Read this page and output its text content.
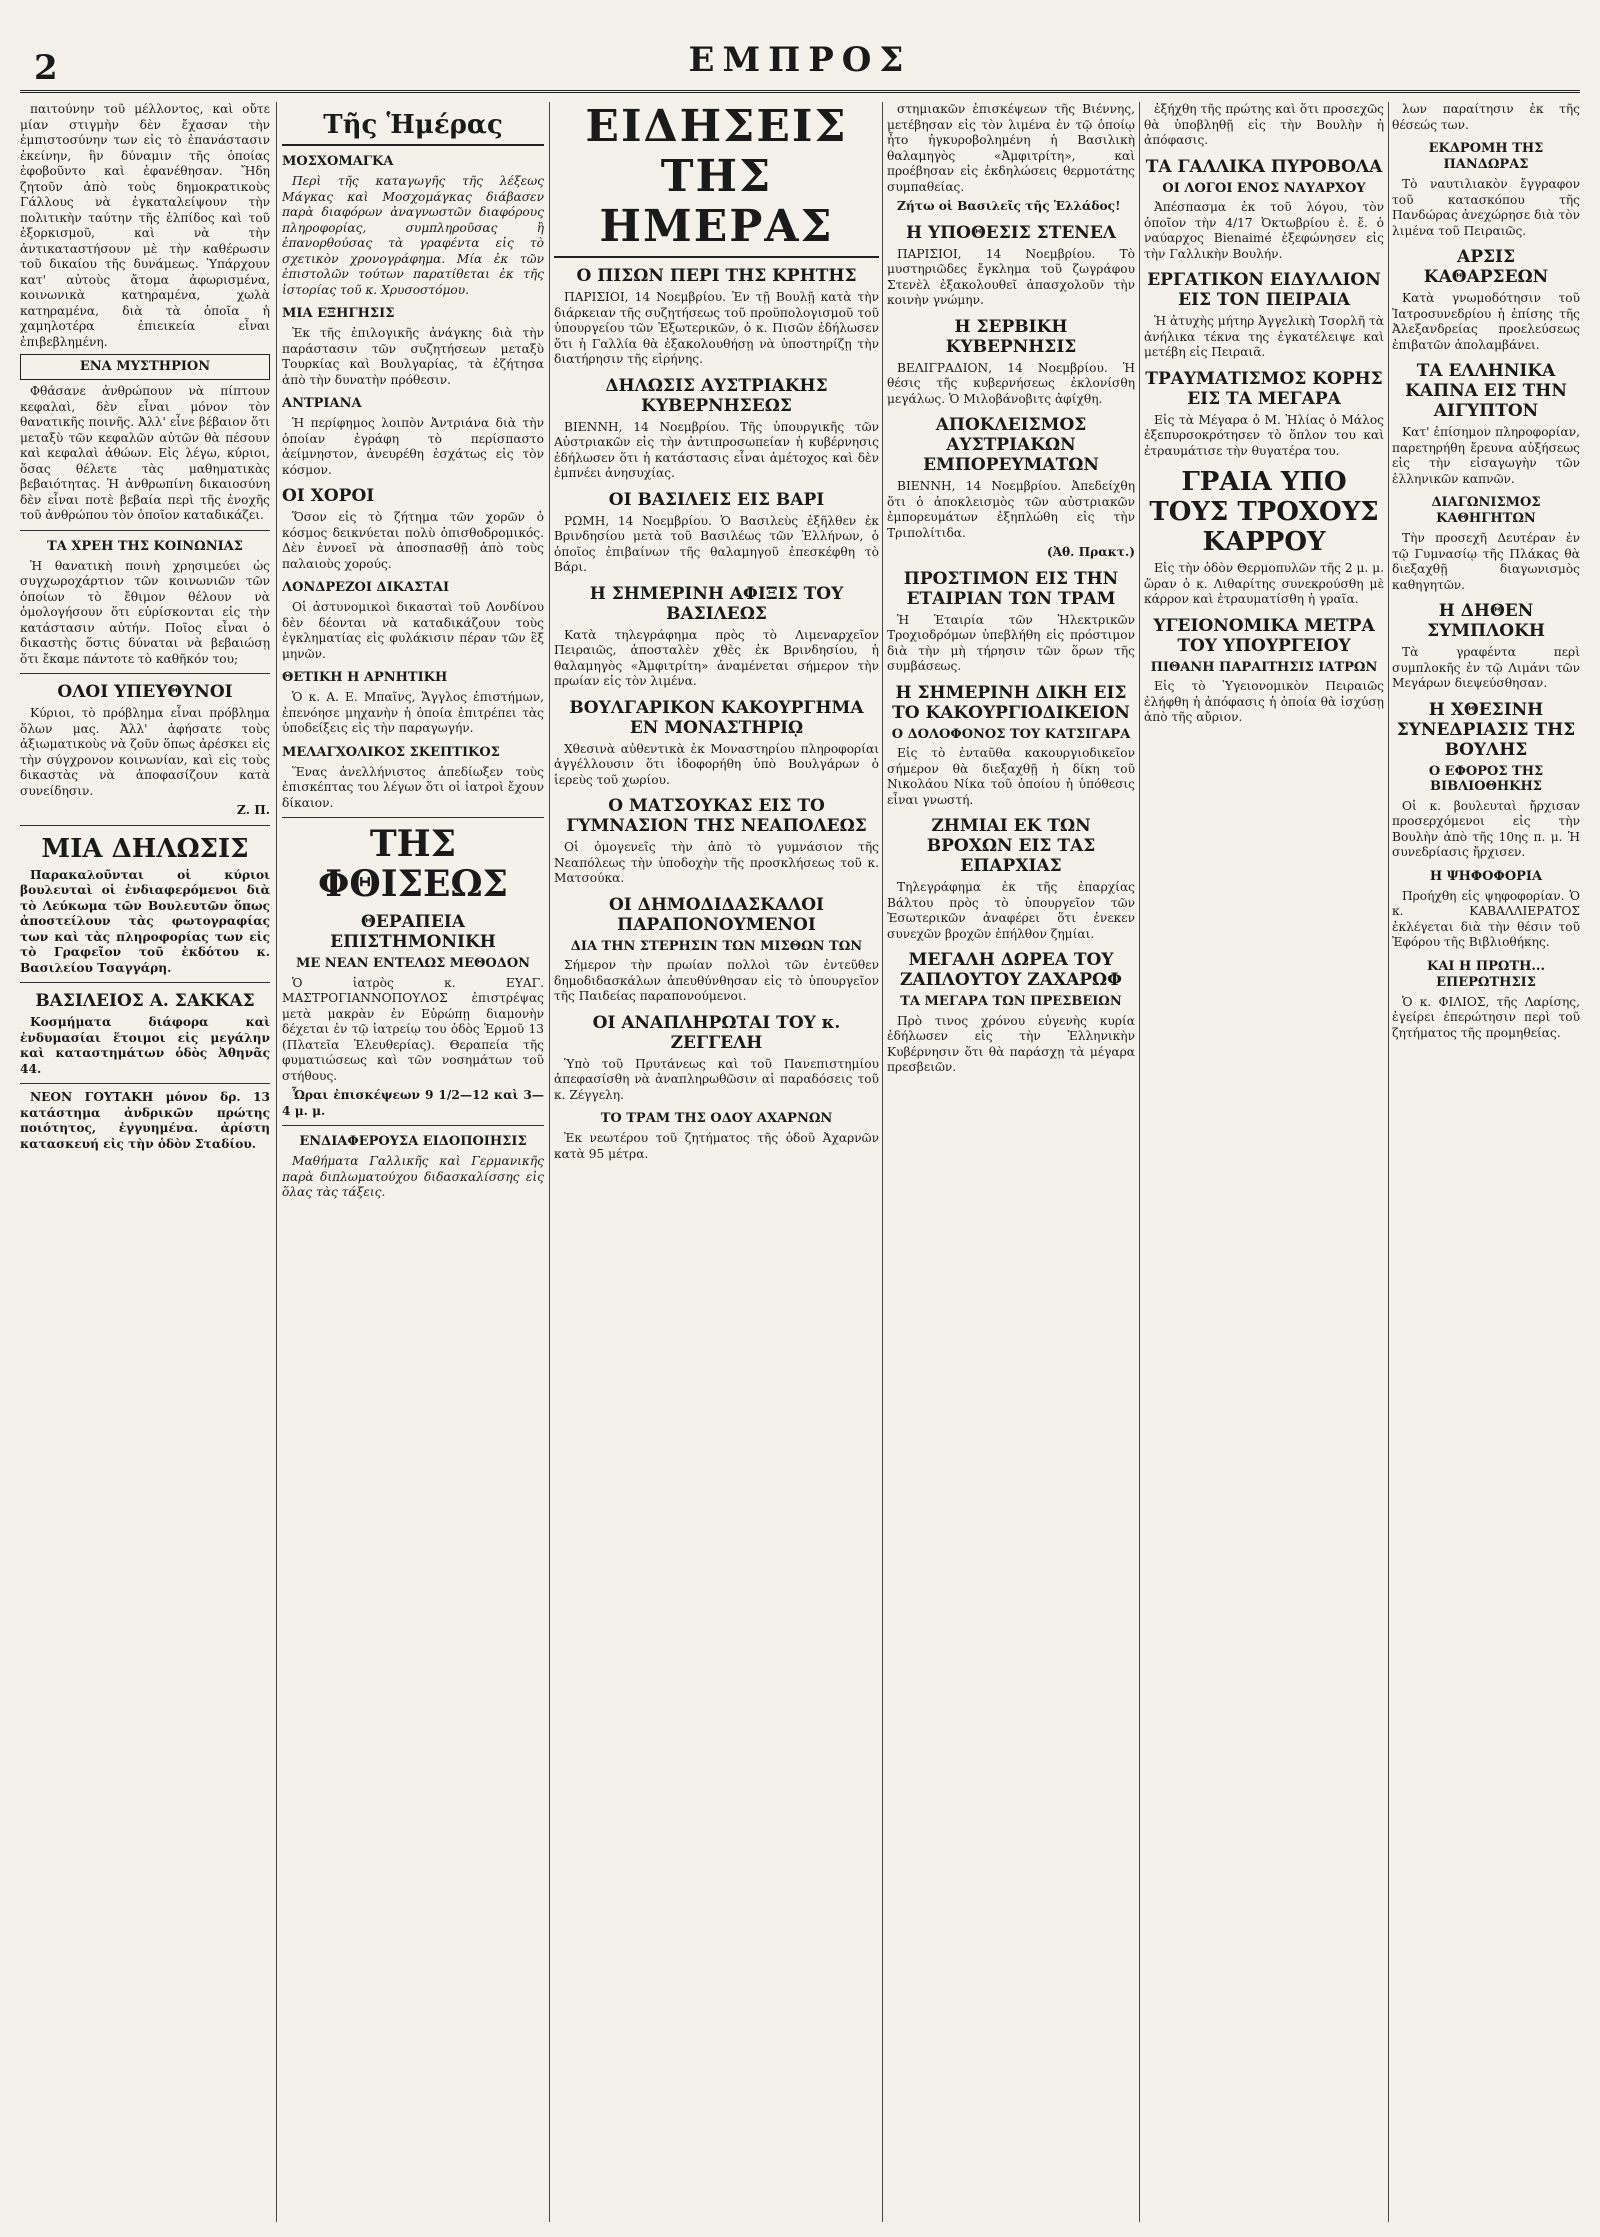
2	ΕΜΠΡΟΣ

παιτούνην τοῦ μέλλοντος, καὶ οὔτε μίαν στιγμὴν δὲν ἔχασαν τὴν ἐμπιστοσύνην των εἰς τὸ ἐπανάστασιν ἐκείνην, ἣν δύναμιν τῆς ὁποίας ἐφοβοῦντο καὶ ἐφανέθησαν. Ἤδη ζητοῦν ἀπὸ τοὺς δημοκρατικοὺς Γάλλους νὰ ἐγκαταλείψουν τὴν πολιτικὴν ταύτην τῆς ἐλπίδος καὶ τοῦ ἐξορκισμοῦ, καὶ νὰ τὴν ἀντικαταστήσουν μὲ τὴν καθέρωσιν τοῦ δικαίου τῆς δυνάμεως. Ὑπάρχουν κατ' αὐτοὺς ἄτομα ἀφωρισμένα, κοινωνικὰ κατηραμένα, χωλὰ κατηραμένα, διὰ τὰ ὁποῖα ἡ χαμηλοτέρα ἐπιεικεία εἶναι ἐπιβεβλημένη.

ΕΝΑ ΜΥΣΤΗΡΙΟΝ

Φθάσανε ἀνθρώπουν νὰ πίπτουν κεφαλαὶ, δὲν εἶναι μόνον τὸν θανατικῆς ποινῆς. Ἀλλ' εἶνε βέβαιον ὅτι μεταξὺ τῶν κεφαλῶν αὐτῶν θὰ πέσουν καὶ κεφαλαὶ ἀθώων. Εἰς λέγω, κύριοι, ὅσας θέλετε τὰς μαθηματικὰς βεβαιότητας. Ἡ ἀνθρωπίνη δικαιοσύνη δὲν εἶναι ποτὲ βεβαία περὶ τῆς ἐνοχῆς τοῦ ἀνθρώπου τὸν ὁποῖον καταδικάζει.

ΤΑ ΧΡΕΗ ΤΗΣ ΚΟΙΝΩΝΙΑΣ

Ἡ θανατικὴ ποινὴ χρησιμεύει ὡς συγχωροχάρτιον τῶν κοινωνιῶν τῶν ὁποίων τὸ ἔθιμον θέλουν νὰ ὁμολογήσουν ὅτι εὑρίσκονται εἰς τὴν κατάστασιν αὐτήν. Ποῖος εἶναι ὁ δικαστὴς ὅστις δύναται νὰ βεβαιώσῃ ὅτι ἔκαμε πάντοτε τὸ καθῆκόν του;

ΟΛΟΙ ΥΠΕΥΘΥΝΟΙ

Κύριοι, τὸ πρόβλημα εἶναι πρόβλημα ὅλων μας. Ἀλλ' ἀφήσατε τοὺς ἀξιωματικοὺς νὰ ζοῦν ὅπως ἀρέσκει εἰς τὴν σύγχρονον κοινωνίαν, καὶ εἰς τοὺς δικαστὰς νὰ ἀποφασίζουν κατὰ συνείδησιν.

Ζ. Π.
ΜΙΑ ΔΗΛΩΣΙΣ

Παρακαλοῦνται οἱ κύριοι βουλευταὶ οἱ ἐνδιαφερόμενοι διὰ τὸ Λεύκωμα τῶν Βουλευτῶν ὅπως ἀποστείλουν τὰς φωτογραφίας των καὶ τὰς πληροφορίας των εἰς τὸ Γραφεῖον τοῦ ἐκδότου κ. Βασιλείου Τσαγγάρη.

ΒΑΣΙΛΕΙΟΣ Α. ΣΑΚΚΑΣ

Κοσμήματα διάφορα καὶ ἐνδυμασίαι ἕτοιμοι εἰς μεγάλην καὶ καταστημάτων ὁδὸς Ἀθηνᾶς 44.

ΝΕΟΝ ΓΟΥΤΑΚΗ μόνον δρ. 13 κατάστημα ἀνδρικῶν πρώτης ποιότητος, ἐγγυημένα. ἀρίστη κατασκευή εἰς τὴν ὁδὸν Σταδίου.

Τῆς Ἡμέρας
ΜΟΣΧΟΜΑΓΚΑ

Περὶ τῆς καταγωγῆς τῆς λέξεως Μάγκας καὶ Μοσχομάγκας διάβασεν παρὰ διαφόρων ἀναγνωστῶν διαφόρους πληροφορίας, συμπληροῦσας ἢ ἐπανορθούσας τὰ γραφέντα εἰς τὸ σχετικὸν χρονογράφημα. Μία ἐκ τῶν ἐπιστολῶν τούτων παρατίθεται ἐκ τῆς ἱστορίας τοῦ κ. Χρυσοστόμου.

ΜΙΑ ΕΞΗΓΗΣΙΣ

Ἐκ τῆς ἐπιλογικῆς ἀνάγκης διὰ τὴν παράστασιν τῶν συζητήσεων μεταξὺ Τουρκίας καὶ Βουλγαρίας, τὰ ἐζήτησα ἀπὸ τὴν δυνατὴν πρόθεσιν.

ΑΝΤΡΙΑΝΑ

Ἡ περίφημος λοιπὸν Ἀντριάνα διὰ τὴν ὁποίαν ἐγράφη τὸ περίσπαστο ἀείμνηστον, ἀνευρέθη ἐσχάτως εἰς τὸν κόσμον.

ΟΙ ΧΟΡΟΙ

Ὅσον εἰς τὸ ζήτημα τῶν χορῶν ὁ κόσμος δεικνύεται πολὺ ὀπισθοδρομικός. Δὲν ἐννοεῖ νὰ ἀποσπασθῇ ἀπὸ τοὺς παλαιοὺς χορούς.

ΛΟΝΔΡΕΖΟΙ ΔΙΚΑΣΤΑΙ

Οἱ ἀστυνομικοὶ δικασταὶ τοῦ Λονδίνου δὲν δέονται νὰ καταδικάζουν τοὺς ἐγκληματίας εἰς φυλάκισιν πέραν τῶν ἓξ μηνῶν.

ΘΕΤΙΚΗ Η ΑΡΝΗΤΙΚΗ

Ὁ κ. Α. Ε. Μπαῖνς, Ἄγγλος ἐπιστήμων, ἐπενόησε μηχανὴν ἡ ὁποία ἐπιτρέπει τὰς ὑποδείξεις εἰς τὴν παραγωγήν.

ΜΕΛΑΓΧΟΛΙΚΟΣ ΣΚΕΠΤΙΚΟΣ

Ἕνας ἀνελλήνιστος ἀπεδίωξεν τοὺς ἐπισκέπτας του λέγων ὅτι οἱ ἰατροὶ ἔχουν δίκαιον.

ΤΗΣ ΦΘΙΣΕΩΣ
ΘΕΡΑΠΕΙΑ ΕΠΙΣΤΗΜΟΝΙΚΗ
ΜΕ ΝΕΑΝ ΕΝΤΕΛΩΣ ΜΕΘΟΔΟΝ

Ὁ ἰατρὸς κ. ΕΥΑΓ. ΜΑΣΤΡΟΓΙΑΝΝΟΠΟΥΛΟΣ ἐπιστρέψας μετὰ μακρὰν ἐν Εὐρώπῃ διαμονὴν δέχεται ἐν τῷ ἰατρείῳ του ὁδὸς Ἑρμοῦ 13 (Πλατεῖα Ἐλευθερίας). Θεραπεία τῆς φυματιώσεως καὶ τῶν νοσημάτων τοῦ στήθους.

Ὧραι ἐπισκέψεων 9 1/2—12 καὶ 3—4 μ. μ.

ΕΝΔΙΑΦΕΡΟΥΣΑ ΕΙΔΟΠΟΙΗΣΙΣ

Μαθήματα Γαλλικῆς καὶ Γερμανικῆς παρὰ διπλωματούχου διδασκαλίσσης εἰς ὅλας τὰς τάξεις.

ΕΙΔΗΣΕΙΣ ΤΗΣ ΗΜΕΡΑΣ
Ο ΠΙΣΩΝ ΠΕΡΙ ΤΗΣ ΚΡΗΤΗΣ

ΠΑΡΙΣΙΟΙ, 14 Νοεμβρίου. Ἐν τῇ Βουλῇ κατὰ τὴν διάρκειαν τῆς συζητήσεως τοῦ προϋπολογισμοῦ τοῦ ὑπουργείου τῶν Ἐξωτερικῶν, ὁ κ. Πισῶν ἐδήλωσεν ὅτι ἡ Γαλλία θὰ ἐξακολουθήσῃ νὰ ὑποστηρίζῃ τὴν διατήρησιν τῆς εἰρήνης.

ΔΗΛΩΣΙΣ ΑΥΣΤΡΙΑΚΗΣ ΚΥΒΕΡΝΗΣΕΩΣ

ΒΙΕΝΝΗ, 14 Νοεμβρίου. Τῆς ὑπουργικῆς τῶν Αὐστριακῶν εἰς τὴν ἀντιπροσωπείαν ἡ κυβέρνησις ἐδήλωσεν ὅτι ἡ κατάστασις εἶναι ἀμέτοχος καὶ δὲν ἐμπνέει ἀνησυχίας.

ΟΙ ΒΑΣΙΛΕΙΣ ΕΙΣ ΒΑΡΙ

ΡΩΜΗ, 14 Νοεμβρίου. Ὁ Βασιλεὺς ἐξῆλθεν ἐκ Βρινδησίου μετὰ τοῦ Βασιλέως τῶν Ἑλλήνων, ὁ ὁποῖος ἐπιβαίνων τῆς θαλαμηγοῦ ἐπεσκέφθη τὸ Βάρι.

Η ΣΗΜΕΡΙΝΗ ΑΦΙΞΙΣ ΤΟΥ ΒΑΣΙΛΕΩΣ

Κατὰ τηλεγράφημα πρὸς τὸ Λιμεναρχεῖον Πειραιῶς, ἀποσταλὲν χθὲς ἐκ Βρινδησίου, ἡ θαλαμηγὸς «Ἀμφιτρίτη» ἀναμένεται σήμερον τὴν πρωίαν εἰς τὸν λιμένα.

ΒΟΥΛΓΑΡΙΚΟΝ ΚΑΚΟΥΡΓΗΜΑ ΕΝ ΜΟΝΑΣΤΗΡΙῼ

Χθεσινὰ αὐθεντικὰ ἐκ Μοναστηρίου πληροφορίαι ἀγγέλλουσιν ὅτι ἰδοφορήθη ὑπὸ Βουλγάρων ὁ ἱερεὺς τοῦ χωρίου.

Ο ΜΑΤΣΟΥΚΑΣ ΕΙΣ ΤΟ ΓΥΜΝΑΣΙΟΝ ΤΗΣ ΝΕΑΠΟΛΕΩΣ

Οἱ ὁμογενεῖς τὴν ἀπὸ τὸ γυμνάσιον τῆς Νεαπόλεως τὴν ὑποδοχὴν τῆς προσκλήσεως τοῦ κ. Ματσούκα.

ΟΙ ΔΗΜΟΔΙΔΑΣΚΑΛΟΙ ΠΑΡΑΠΟΝΟΥΜΕΝΟΙ
ΔΙΑ ΤΗΝ ΣΤΕΡΗΣΙΝ ΤΩΝ ΜΙΣΘΩΝ ΤΩΝ

Σήμερον τὴν πρωίαν πολλοὶ τῶν ἐντεῦθεν δημοδιδασκάλων ἀπευθύνθησαν εἰς τὸ ὑπουργεῖον τῆς Παιδείας παραπονούμενοι.

ΟΙ ΑΝΑΠΛΗΡΩΤΑΙ ΤΟΥ κ. ΖΕΓΓΕΛΗ

Ὑπὸ τοῦ Πρυτάνεως καὶ τοῦ Πανεπιστημίου ἀπεφασίσθη νὰ ἀναπληρωθῶσιν αἱ παραδόσεις τοῦ κ. Ζέγγελη.

ΤΟ ΤΡΑΜ ΤΗΣ ΟΔΟΥ ΑΧΑΡΝΩΝ

Ἐκ νεωτέρου τοῦ ζητήματος τῆς ὁδοῦ Ἀχαρνῶν κατὰ 95 μέτρα.

στημιακῶν ἐπισκέψεων τῆς Βιέννης, μετέβησαν εἰς τὸν λιμένα ἐν τῷ ὁποίῳ ἦτο ἠγκυροβολημένη ἡ Βασιλικὴ θαλαμηγὸς «Ἀμφιτρίτη», καὶ προέβησαν εἰς ἐκδηλώσεις θερμοτάτης συμπαθείας.

Ζήτω οἱ Βασιλεῖς τῆς Ἑλλάδος!

Η ΥΠΟΘΕΣΙΣ ΣΤΕΝΕΛ

ΠΑΡΙΣΙΟΙ, 14 Νοεμβρίου. Τὸ μυστηριῶδες ἔγκλημα τοῦ ζωγράφου Στενὲλ ἐξακολουθεῖ ἀπασχολοῦν τὴν κοινὴν γνώμην.

Η ΣΕΡΒΙΚΗ ΚΥΒΕΡΝΗΣΙΣ

ΒΕΛΙΓΡΑΔΙΟΝ, 14 Νοεμβρίου. Ἡ θέσις τῆς κυβερνήσεως ἐκλονίσθη μεγάλως. Ὁ Μιλοβάνοβιτς ἀφίχθη.

ΑΠΟΚΛΕΙΣΜΟΣ ΑΥΣΤΡΙΑΚΩΝ ΕΜΠΟΡΕΥΜΑΤΩΝ

ΒΙΕΝΝΗ, 14 Νοεμβρίου. Ἀπεδείχθη ὅτι ὁ ἀποκλεισμὸς τῶν αὐστριακῶν ἐμπορευμάτων ἐξηπλώθη εἰς τὴν Τριπολίτιδα.

(Ἀθ. Πρακτ.)
ΠΡΟΣΤΙΜΟΝ ΕΙΣ ΤΗΝ ΕΤΑΙΡΙΑΝ ΤΩΝ ΤΡΑΜ

Ἡ Ἑταιρία τῶν Ἠλεκτρικῶν Τροχιοδρόμων ὑπεβλήθη εἰς πρόστιμον διὰ τὴν μὴ τήρησιν τῶν ὅρων τῆς συμβάσεως.

Η ΣΗΜΕΡΙΝΗ ΔΙΚΗ ΕΙΣ ΤΟ ΚΑΚΟΥΡΓΙΟΔΙΚΕΙΟΝ
Ο ΔΟΛΟΦΟΝΟΣ ΤΟΥ ΚΑΤΣΙΓΑΡΑ

Εἰς τὸ ἐνταῦθα κακουργιοδικεῖον σήμερον θὰ διεξαχθῇ ἡ δίκη τοῦ Νικολάου Νίκα τοῦ ὁποίου ἡ ὑπόθεσις εἶναι γνωστή.

ΖΗΜΙΑΙ ΕΚ ΤΩΝ ΒΡΟΧΩΝ ΕΙΣ ΤΑΣ ΕΠΑΡΧΙΑΣ

Τηλεγράφημα ἐκ τῆς ἐπαρχίας Βάλτου πρὸς τὸ ὑπουργεῖον τῶν Ἐσωτερικῶν ἀναφέρει ὅτι ἐνεκεν συνεχῶν βροχῶν ἐπήλθον ζημίαι.

ΜΕΓΑΛΗ ΔΩΡΕΑ ΤΟΥ ΖΑΠΛΟΥΤΟΥ ΖΑΧΑΡΩΦ
ΤΑ ΜΕΓΑΡΑ ΤΩΝ ΠΡΕΣΒΕΙΩΝ

Πρὸ τινος χρόνου εὐγενὴς κυρία ἐδήλωσεν εἰς τὴν Ἑλληνικὴν Κυβέρνησιν ὅτι θὰ παράσχῃ τὰ μέγαρα πρεσβειῶν.

ἐξήχθη τῆς πρώτης καὶ ὅτι προσεχῶς θὰ ὑποβληθῇ εἰς τὴν Βουλὴν ἡ ἀπόφασις.

ΤΑ ΓΑΛΛΙΚΑ ΠΥΡΟΒΟΛΑ
ΟΙ ΛΟΓΟΙ ΕΝΟΣ ΝΑΥΑΡΧΟΥ

Ἀπέσπασμα ἐκ τοῦ λόγου, τὸν ὁποῖον τὴν 4/17 Ὀκτωβρίου ἐ. ἔ. ὁ ναύαρχος Bienaimé ἐξεφώνησεν εἰς τὴν Γαλλικὴν Βουλήν.

ΕΡΓΑΤΙΚΟΝ ΕΙΔΥΛΛΙΟΝ ΕΙΣ ΤΟΝ ΠΕΙΡΑΙΑ

Ἡ ἀτυχὴς μήτηρ Ἀγγελικὴ Τσορλῆ τὰ ἀνήλικα τέκνα της ἐγκατέλειψε καὶ μετέβη εἰς Πειραιᾶ.

ΤΡΑΥΜΑΤΙΣΜΟΣ ΚΟΡΗΣ ΕΙΣ ΤΑ ΜΕΓΑΡΑ

Εἰς τὰ Μέγαρα ὁ Μ. Ἠλίας ὁ Μάλος ἐξεπυρσοκρότησεν τὸ ὅπλον του καὶ ἐτραυμάτισε τὴν θυγατέρα του.

ΓΡΑΙΑ ΥΠΟ ΤΟΥΣ ΤΡΟΧΟΥΣ ΚΑΡΡΟΥ

Εἰς τὴν ὁδὸν Θερμοπυλῶν τῆς 2 μ. μ. ὥραν ὁ κ. Λιθαρίτης συνεκρούσθη μὲ κάρρον καὶ ἐτραυματίσθη ἡ γραῖα.

ΥΓΕΙΟΝΟΜΙΚΑ ΜΕΤΡΑ ΤΟΥ ΥΠΟΥΡΓΕΙΟΥ
ΠΙΘΑΝΗ ΠΑΡΑΙΤΗΣΙΣ ΙΑΤΡΩΝ

Εἰς τὸ Ὑγειονομικὸν Πειραιῶς ἐλήφθη ἡ ἀπόφασις ἡ ὁποία θὰ ἰσχύσῃ ἀπὸ τῆς αὔριον.

λων παραίτησιν ἐκ τῆς θέσεώς των.

ΕΚΔΡΟΜΗ ΤΗΣ ΠΑΝΔΩΡΑΣ

Τὸ ναυτιλιακὸν ἔγγραφον τοῦ κατασκόπου τῆς Πανδώρας ἀνεχώρησε διὰ τὸν λιμένα τοῦ Πειραιῶς.

ΑΡΣΙΣ ΚΑΘΑΡΣΕΩΝ

Κατὰ γνωμοδότησιν τοῦ Ἰατροσυνεδρίου ἡ ἐπίσης τῆς Ἀλεξανδρείας προελεύσεως ἐπιβατῶν ἀπολαμβάνει.

ΤΑ ΕΛΛΗΝΙΚΑ ΚΑΠΝΑ ΕΙΣ ΤΗΝ ΑΙΓΥΠΤΟΝ

Κατ' ἐπίσημον πληροφορίαν, παρετηρήθη ἔρευνα αὐξήσεως εἰς τὴν εἰσαγωγὴν τῶν ἑλληνικῶν καπνῶν.

ΔΙΑΓΩΝΙΣΜΟΣ ΚΑΘΗΓΗΤΩΝ

Τὴν προσεχῆ Δευτέραν ἐν τῷ Γυμνασίῳ τῆς Πλάκας θὰ διεξαχθῇ διαγωνισμὸς καθηγητῶν.

Η ΔΗΘΕΝ ΣΥΜΠΛΟΚΗ

Τὰ γραφέντα περὶ συμπλοκῆς ἐν τῷ Λιμάνι τῶν Μεγάρων διεψεύσθησαν.

Η ΧΘΕΣΙΝΗ ΣΥΝΕΔΡΙΑΣΙΣ ΤΗΣ ΒΟΥΛΗΣ
Ο ΕΦΟΡΟΣ ΤΗΣ ΒΙΒΛΙΟΘΗΚΗΣ

Οἱ κ. βουλευταὶ ἤρχισαν προσερχόμενοι εἰς τὴν Βουλὴν ἀπὸ τῆς 10ης π. μ. Ἡ συνεδρίασις ἤρχισεν.

Η ΨΗΦΟΦΟΡΙΑ

Προήχθη εἰς ψηφοφορίαν. Ὁ κ. ΚΑΒΑΛΛΙΕΡΑΤΟΣ ἐκλέγεται διὰ τὴν θέσιν τοῦ Ἐφόρου τῆς Βιβλιοθήκης.

ΚΑΙ Η ΠΡΩΤΗ... ΕΠΕΡΩΤΗΣΙΣ

Ὁ κ. ΦΙΛΙΟΣ, τῆς Λαρίσης, ἐγείρει ἐπερώτησιν περὶ τοῦ ζητήματος τῆς προμηθείας.
